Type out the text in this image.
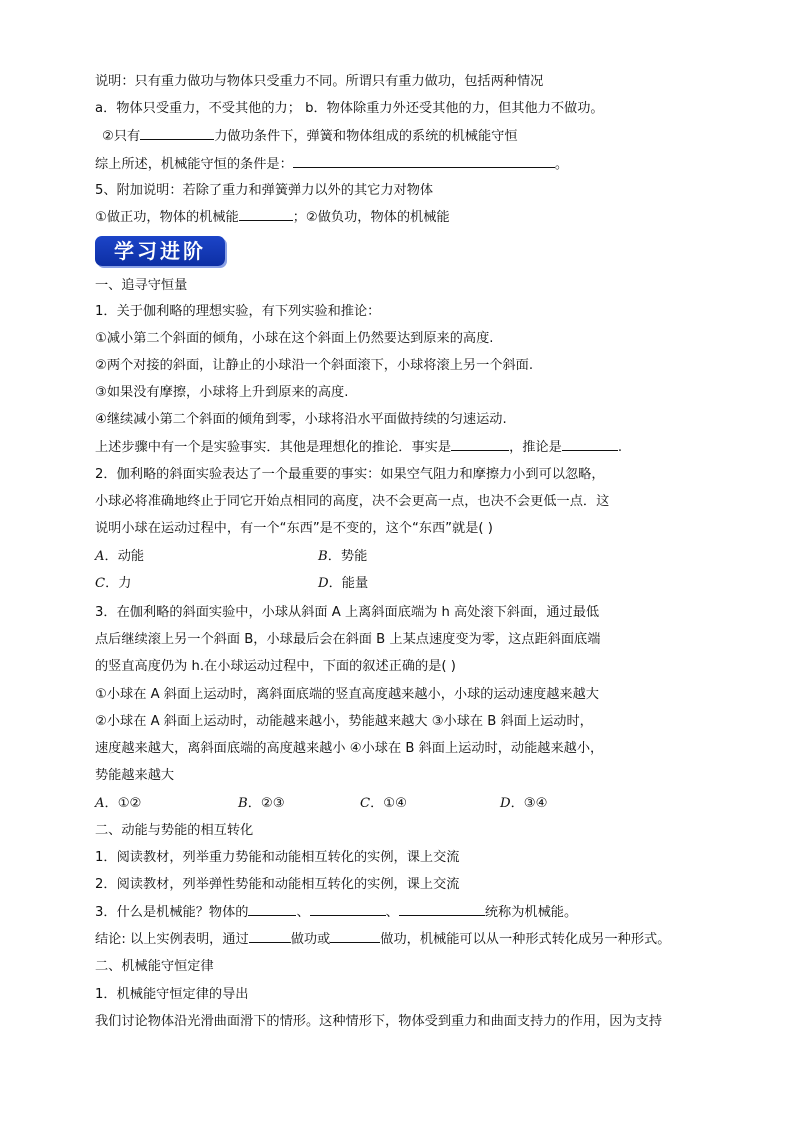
说明：只有重力做功与物体只受重力不同。所谓只有重力做功，包括两种情况
a．物体只受重力，不受其他的力； b．物体除重力外还受其他的力，但其他力不做功。
②只有	力做功条件下，弹簧和物体组成的系统的机械能守恒
综上所述，机械能守恒的条件是：	。
5、附加说明：若除了重力和弹簧弹力以外的其它力对物体
①做正功，物体的机械能	；②做负功，物体的机械能
学习进阶
一、追寻守恒量
1．关于伽利略的理想实验，有下列实验和推论：
①减小第二个斜面的倾角，小球在这个斜面上仍然要达到原来的高度.
②两个对接的斜面，让静止的小球沿一个斜面滚下，小球将滚上另一个斜面.
③如果没有摩擦，小球将上升到原来的高度.
④继续减小第二个斜面的倾角到零，小球将沿水平面做持续的匀速运动.
上述步骤中有一个是实验事实．其他是理想化的推论．事实是	，推论是	.
2．伽利略的斜面实验表达了一个最重要的事实：如果空气阻力和摩擦力小到可以忽略，
小球必将准确地终止于同它开始点相同的高度，决不会更高一点，也决不会更低一点．这
说明小球在运动过程中，有一个“东西”是不变的，这个“东西”就是( )
A．动能	B．势能
C．力	D．能量
3．在伽利略的斜面实验中，小球从斜面 A 上离斜面底端为 h 高处滚下斜面，通过最低
点后继续滚上另一个斜面 B，小球最后会在斜面 B 上某点速度变为零，这点距斜面底端
的竖直高度仍为 h.在小球运动过程中，下面的叙述正确的是( )
①小球在 A 斜面上运动时，离斜面底端的竖直高度越来越小，小球的运动速度越来越大
②小球在 A 斜面上运动时，动能越来越小，势能越来越大 ③小球在 B 斜面上运动时，
速度越来越大，离斜面底端的高度越来越小 ④小球在 B 斜面上运动时，动能越来越小，
势能越来越大
A．①②	B．②③	C．①④	D．③④
二、动能与势能的相互转化
1．阅读教材，列举重力势能和动能相互转化的实例，课上交流
2．阅读教材，列举弹性势能和动能相互转化的实例，课上交流
3．什么是机械能？物体的	、	、	统称为机械能。
结论: 以上实例表明，通过	做功或	做功，机械能可以从一种形式转化成另一种形式。
二、机械能守恒定律
1．机械能守恒定律的导出
我们讨论物体沿光滑曲面滑下的情形。这种情形下，物体受到重力和曲面支持力的作用，因为支持
